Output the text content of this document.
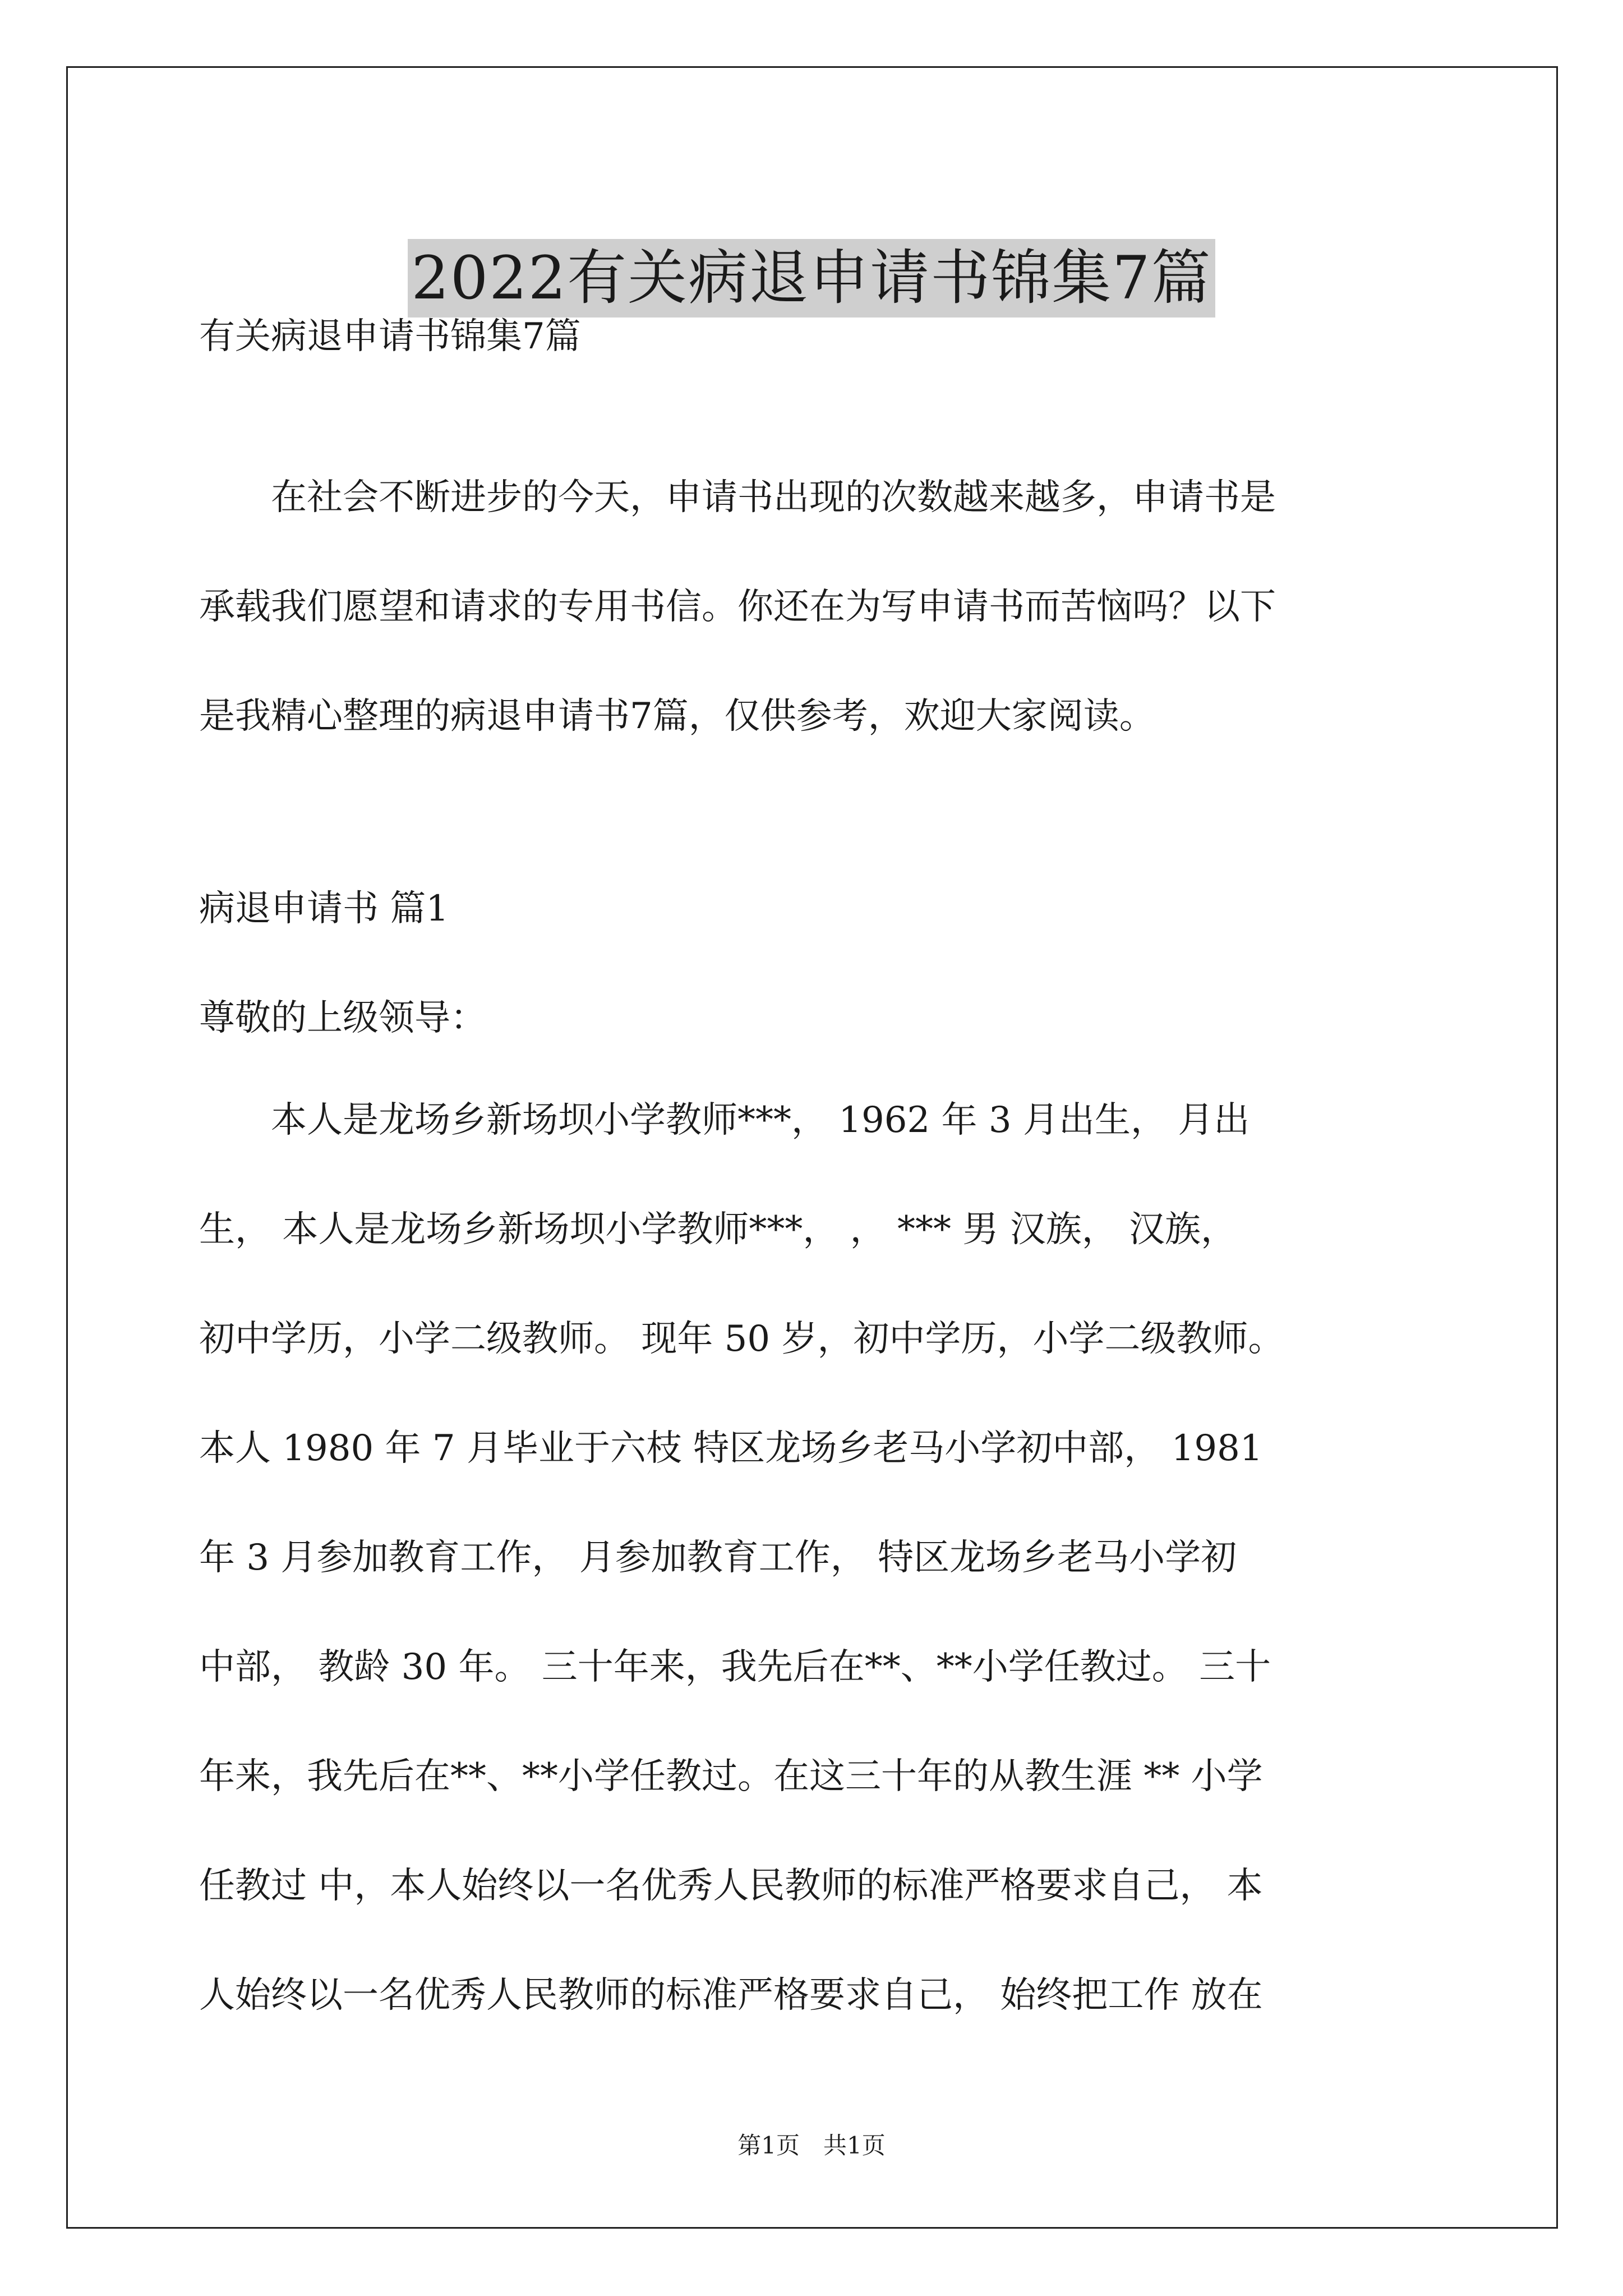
2022有关病退申请书锦集7篇
有关病退申请书锦集7篇
　　在社会不断进步的今天，申请书出现的次数越来越多，申请书是
承载我们愿望和请求的专用书信。你还在为写申请书而苦恼吗？以下
是我精心整理的病退申请书7篇，仅供参考，欢迎大家阅读。
病退申请书 篇1
尊敬的上级领导：
　　本人是龙场乡新场坝小学教师***， 1962 年 3 月出生， 月出
生， 本人是龙场乡新场坝小学教师***， ， *** 男 汉族， 汉族，
初中学历，小学二级教师。 现年 50 岁，初中学历，小学二级教师。
本人 1980 年 7 月毕业于六枝 特区龙场乡老马小学初中部， 1981
年 3 月参加教育工作， 月参加教育工作， 特区龙场乡老马小学初
中部， 教龄 30 年。 三十年来，我先后在**、**小学任教过。 三十
年来，我先后在**、**小学任教过。在这三十年的从教生涯 ** 小学
任教过 中，本人始终以一名优秀人民教师的标准严格要求自己， 本
人始终以一名优秀人民教师的标准严格要求自己， 始终把工作 放在
第1页　共1页
